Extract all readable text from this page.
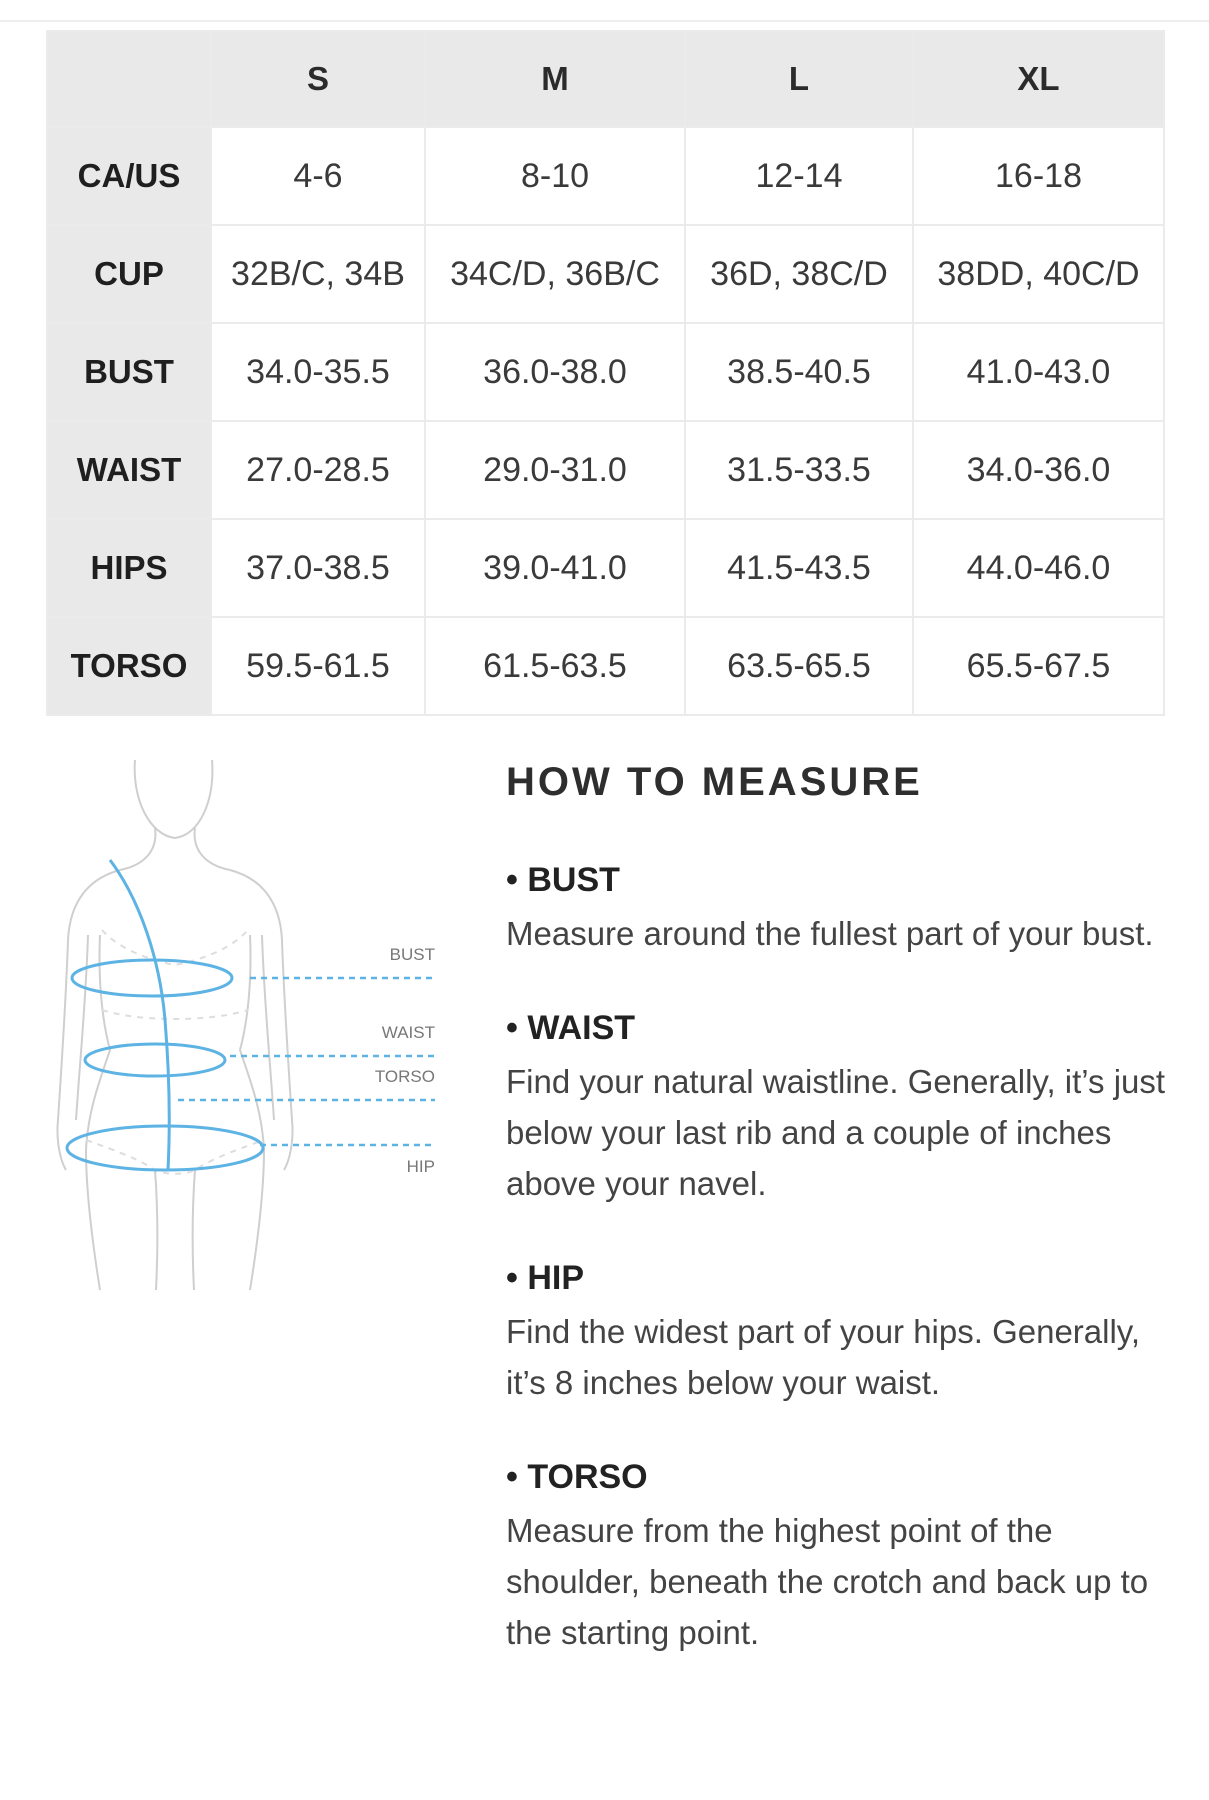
	S	M	L	XL
CA/US	4-6	8-10	12-14	16-18
CUP	32B/C, 34B	34C/D, 36B/C	36D, 38C/D	38DD, 40C/D
BUST	34.0-35.5	36.0-38.0	38.5-40.5	41.0-43.0
WAIST	27.0-28.5	29.0-31.0	31.5-33.5	34.0-36.0
HIPS	37.0-38.5	39.0-41.0	41.5-43.5	44.0-46.0
TORSO	59.5-61.5	61.5-63.5	63.5-65.5	65.5-67.5
BUST
WAIST
TORSO
HIP
HOW TO MEASURE
• BUST

Measure around the fullest part of your bust.

• WAIST

Find your natural waistline. Generally, it’s just below your last rib and a couple of inches above your navel.

• HIP

Find the widest part of your hips. Generally, it’s 8 inches below your waist.

• TORSO

Measure from the highest point of the shoulder, beneath the crotch and back up to the starting point.
